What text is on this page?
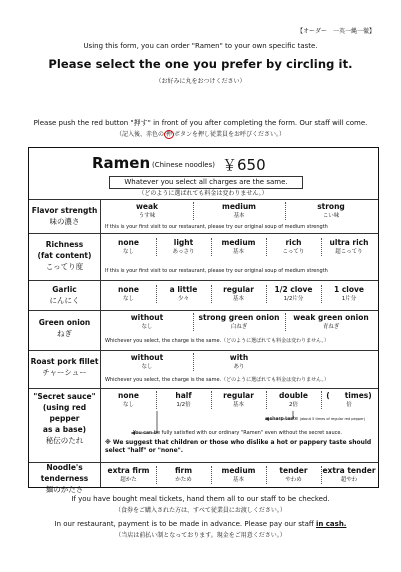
【オーダー　一英一縄一徹】
Using this form, you can order "Ramen" to your own specific taste.
Please select the one you prefer by circling it.
（お好みに丸をおつけください）
Please push the red button "押す" in front of you after completing the form. Our staff will come.
（記入後、赤色の 押 ボタンを押し従業員をお呼びください。）
Ramen (Chinese noodles) ￥650
Whatever you select all charges are the same.
（どのように選ばれても料金は変わりません。）
Flavor strength
味の濃さ
weak
うす味
medium
基本
strong
こい味
If this is your first visit to our restaurant, please try our original soup of medium strength
Richness
(fat content)
こってり度
none
なし
light
あっさり
medium
基本
rich
こってり
ultra rich
超こってり
If this is your first visit to our restaurant, please try our original soup of medium strength
Garlic
にんにく
none
なし
a little
少々
regular
基本
1/2 clove
1/2片分
1 clove
1片分
Green onion
ねぎ
without
なし
strong green onion
白ねぎ
weak green onion
青ねぎ
Whichever you select, the charge is the same.（どのように選ばれても料金は変わりません。）
Roast pork fillet
チャーシュー
without
なし
with
あり
Whichever you select, the charge is the same.（どのように選ばれても料金は変わりません。）
"Secret sauce"
(using red pepper
as a base)
秘伝のたれ
none
なし
half
1/2倍
regular
基本
double
2倍
(　　times)
倍
a sharp taste (about 5 times of regular red pepper)
You can be fully satisfied with our ordinary "Ramen" even without the secret sauce.
※ We suggest that children or those who dislike a hot or pappery taste should select "half" or "none".
Noodle's
tenderness
麺のかたさ
extra firm
超かた
firm
かため
medium
基本
tender
やわめ
extra tender
超やわ
If you have bought meal tickets, hand them all to our staff to be checked.
（食券をご購入された方は、すべて従業員にお渡しください。）
In our restaurant, payment is to be made in advance. Please pay our staff in cash.
（当店は前払い制となっております。現金をご用意ください。）
